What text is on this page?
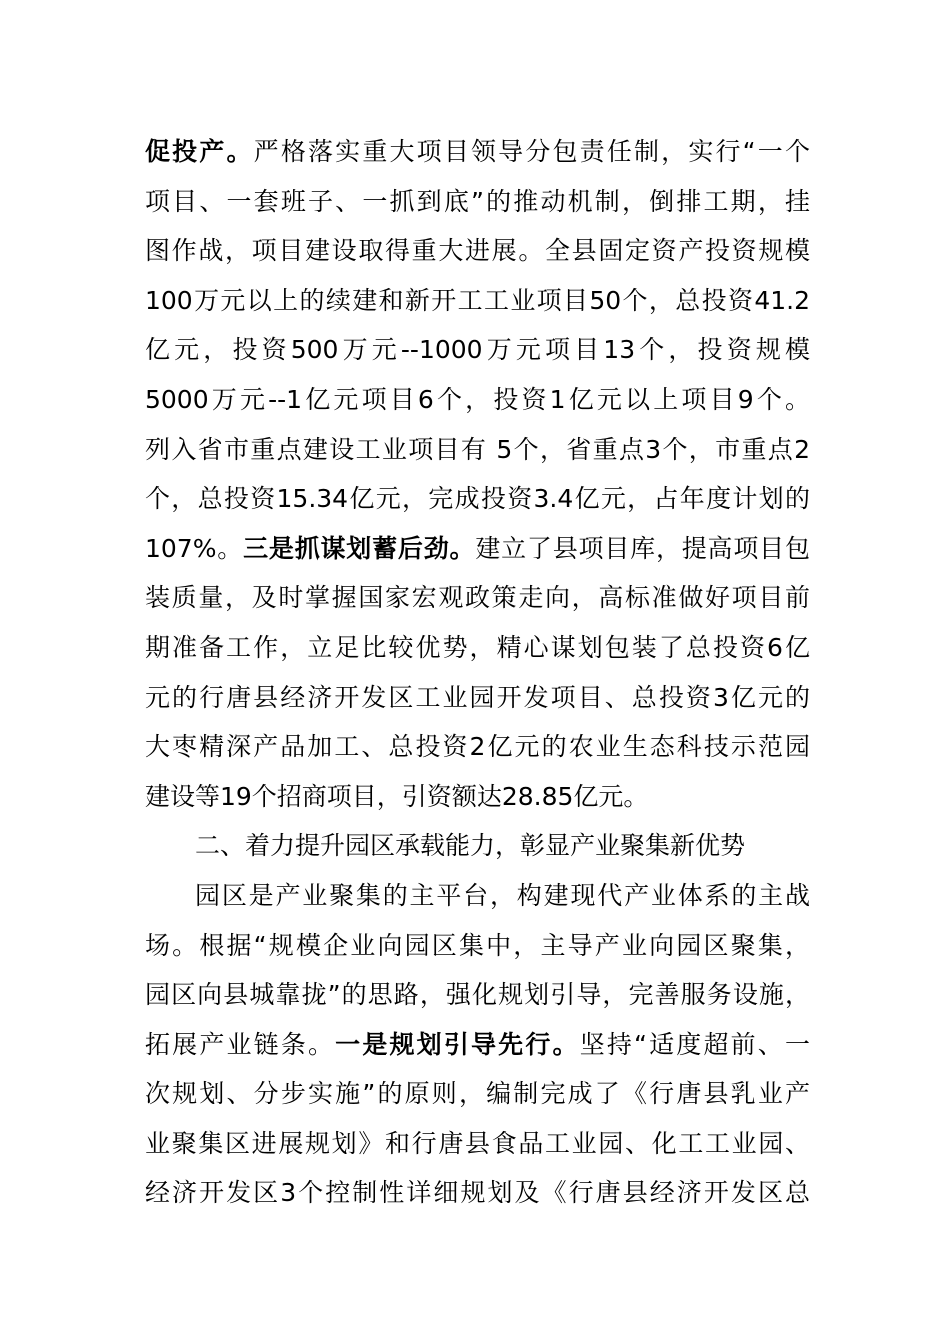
促投产。严格落实重大项目领导分包责任制，实行“一个
项目、一套班子、一抓到底”的推动机制，倒排工期，挂
图作战，项目建设取得重大进展。全县固定资产投资规模
100万元以上的续建和新开工工业项目50个，总投资41.2
亿元，投资500万元--1000万元项目13个，投资规模
5000万元--1亿元项目6个，投资1亿元以上项目9个。
列入省市重点建设工业项目有 5个，省重点3个，市重点2
个，总投资15.34亿元，完成投资3.4亿元，占年度计划的
107%。三是抓谋划蓄后劲。建立了县项目库，提高项目包
装质量，及时掌握国家宏观政策走向，高标准做好项目前
期准备工作，立足比较优势，精心谋划包装了总投资6亿
元的行唐县经济开发区工业园开发项目、总投资3亿元的
大枣精深产品加工、总投资2亿元的农业生态科技示范园
建设等19个招商项目，引资额达28.85亿元。
二、着力提升园区承载能力，彰显产业聚集新优势
园区是产业聚集的主平台，构建现代产业体系的主战
场。根据“规模企业向园区集中，主导产业向园区聚集，
园区向县城靠拢”的思路，强化规划引导，完善服务设施，
拓展产业链条。一是规划引导先行。坚持“适度超前、一
次规划、分步实施”的原则，编制完成了《行唐县乳业产
业聚集区进展规划》和行唐县食品工业园、化工工业园、
经济开发区3个控制性详细规划及《行唐县经济开发区总
